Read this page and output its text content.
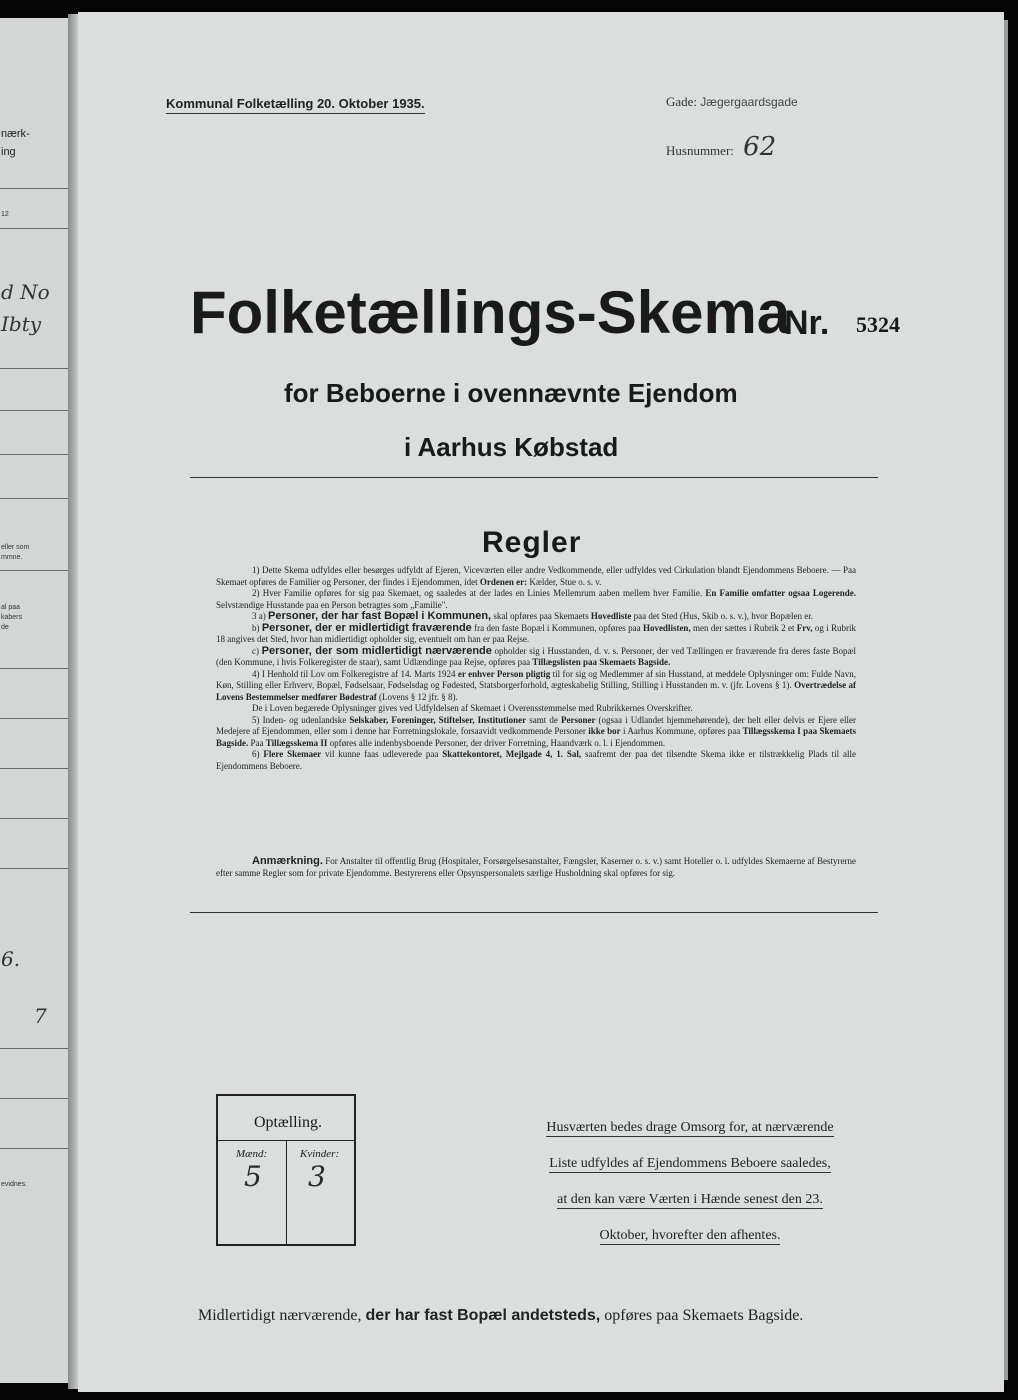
nærk-
ing
12
d No
Ibty
eller som
mmne.
al paa
kabers
de
6.
7
evidnes.
Kommunal Folketælling 20. Oktober 1935.	Gade: Jægergaardsgade
Husnummer: 62
Folketællings-Skema
Nr. 5324
for Beboerne i ovennævnte Ejendom
i Aarhus Købstad
Regler

1) Dette Skema udfyldes eller besørges udfyldt af Ejeren, Viceværten eller andre Vedkommende, eller udfyldes ved Cirkulation blandt Ejendommens Beboere. — Paa Skemaet opføres de Familier og Personer, der findes i Ejendommen, idet Ordenen er: Kælder, Stue o. s. v.

2) Hver Familie opføres for sig paa Skemaet, og saaledes at der lades en Linies Mellemrum aaben mellem hver Familie. En Familie omfatter ogsaa Logerende. Selvstændige Husstande paa en Person betragtes som „Familie".

3 a) Personer, der har fast Bopæl i Kommunen, skal opføres paa Skemaets Hovedliste paa det Sted (Hus, Skib o. s. v.), hvor Bopælen er.

b) Personer, der er midlertidigt fraværende fra den faste Bopæl i Kommunen, opføres paa Hovedlisten, men der sættes i Rubrik 2 et Frv, og i Rubrik 18 angives det Sted, hvor han midlertidigt opholder sig, eventuelt om han er paa Rejse.

c) Personer, der som midlertidigt nærværende opholder sig i Husstanden, d. v. s. Personer, der ved Tællingen er fraværende fra deres faste Bopæl (den Kommune, i hvis Folkeregister de staar), samt Udlændinge paa Rejse, opføres paa Tillægslisten paa Skemaets Bagside.

4) I Henhold til Lov om Folkeregistre af 14. Marts 1924 er enhver Person pligtig til for sig og Medlemmer af sin Husstand, at meddele Oplysninger om: Fulde Navn, Køn, Stilling eller Erhverv, Bopæl, Fødselsaar, Fødselsdag og Fødested, Statsborgerforhold, ægteskabelig Stilling, Stilling i Husstanden m. v. (jfr. Lovens § 1). Overtrædelse af Lovens Bestemmelser medfører Bødestraf (Lovens § 12 jfr. § 8).

De i Loven begærede Oplysninger gives ved Udfyldelsen af Skemaet i Overensstemmelse med Rubrikkernes Overskrifter.

5) Inden- og udenlandske Selskaber, Foreninger, Stiftelser, Institutioner samt de Personer (ogsaa i Udlandet hjemmehørende), der helt eller delvis er Ejere eller Medejere af Ejendommen, eller som i denne har Forretningslokale, forsaavidt vedkommende Personer ikke bor i Aarhus Kommune, opføres paa Tillægsskema I paa Skemaets Bagside. Paa Tillægsskema II opføres alle indenbysboende Personer, der driver Forretning, Haandværk o. l. i Ejendommen.

6) Flere Skemaer vil kunne faas udleverede paa Skattekontoret, Mejlgade 4, 1. Sal, saafremt der paa det tilsendte Skema ikke er tilstrækkelig Plads til alle Ejendommens Beboere.

Anmærkning. For Anstalter til offentlig Brug (Hospitaler, Forsørgelsesanstalter, Fængsler, Kaserner o. s. v.) samt Hoteller o. l. udfyldes Skemaerne af Bestyrerne efter samme Regler som for private Ejendomme. Bestyrerens eller Opsynspersonalets særlige Husholdning skal opføres for sig.

Optælling.
Mænd:	Kvinder:
5 3
Husværten bedes drage Omsorg for, at nærværende
Liste udfyldes af Ejendommens Beboere saaledes,
at den kan være Værten i Hænde senest den 23.
Oktober, hvorefter den afhentes.
Midlertidigt nærværende, der har fast Bopæl andetsteds, opføres paa Skemaets Bagside.
